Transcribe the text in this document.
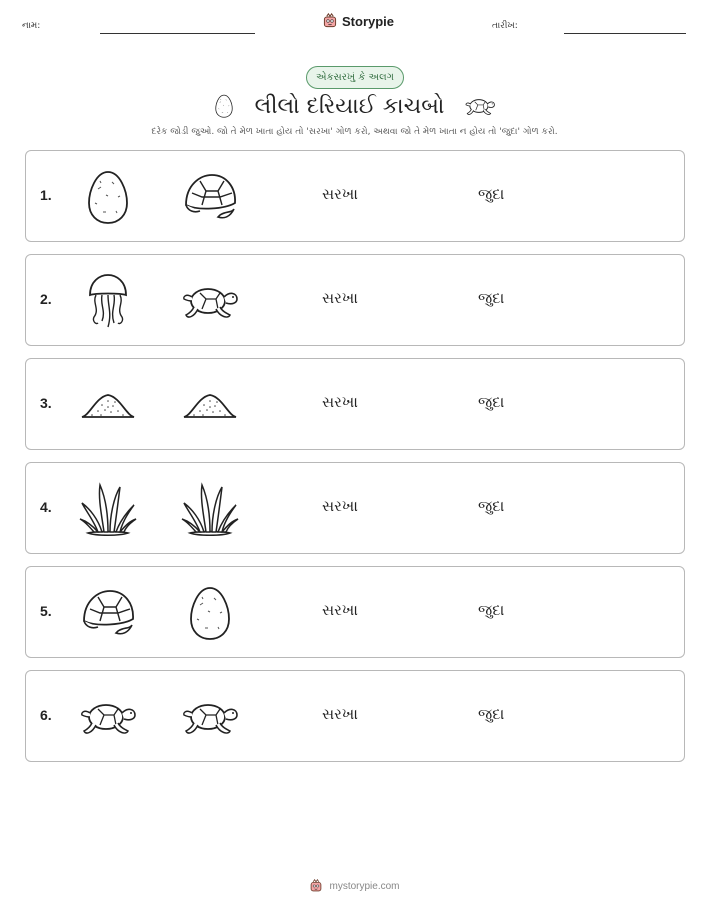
નામ:	Storypie	તારીખ:
એકસરખું કે અલગ
લીલો દરિયાઈ કાચબો
દરેક જોડી જુઓ. જો તે મેળ ખાતા હોય તો 'સરખા' ગોળ કરો, અથવા જો તે મેળ ખાતા ન હોય તો 'જુદા' ગોળ કરો.
1.	સરખા	જુદા
2.	સરખા	જુદા
3.	સરખા	જુદા
4.	સરખા	જુદા
5.	સરખા	જુદા
6.	સરખા	જુદા
mystorypie.com
